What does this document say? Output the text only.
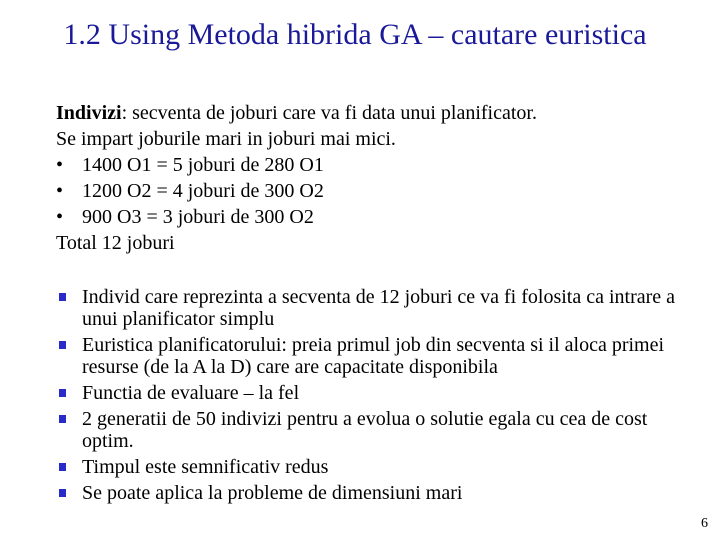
1.2 Using Metoda hibrida GA – cautare euristica
Indivizi: secventa de joburi care va fi data unui planificator.
Se impart joburile mari in joburi mai mici.
• 1400 O1 = 5 joburi de 280 O1
• 1200 O2 = 4 joburi de 300 O2
• 900 O3 = 3 joburi de 300 O2
Total 12 joburi
Individ care reprezinta a secventa de 12 joburi ce va fi folosita ca intrare a unui planificator simplu
Euristica planificatorului: preia primul job din secventa si il aloca primei resurse (de la A la D) care are capacitate disponibila
Functia de evaluare – la fel
2 generatii de 50 indivizi pentru a evolua o solutie egala cu cea de cost optim.
Timpul este semnificativ redus
Se poate aplica la probleme de dimensiuni mari
6
